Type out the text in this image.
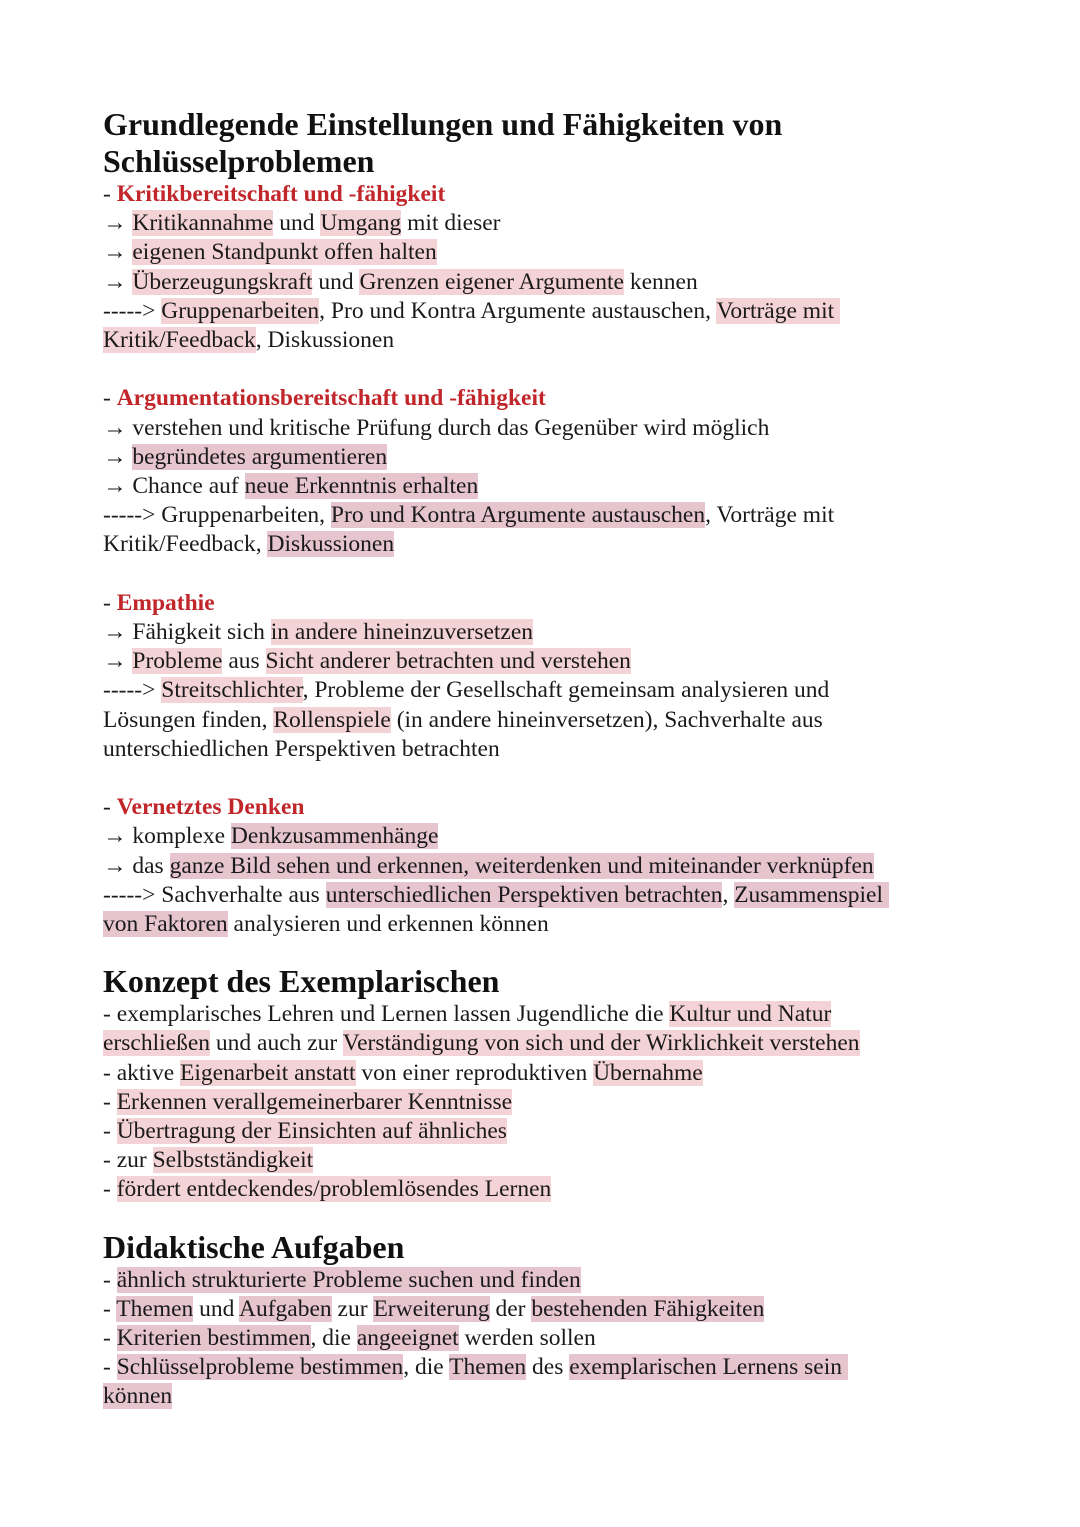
Grundlegende Einstellungen und Fähigkeiten von
Schlüsselproblemen
- Kritikbereitschaft und -fähigkeit
→ Kritikannahme und Umgang mit dieser
→ eigenen Standpunkt offen halten
→ Überzeugungskraft und Grenzen eigener Argumente kennen
-----> Gruppenarbeiten, Pro und Kontra Argumente austauschen, Vorträge mit
Kritik/Feedback, Diskussionen
- Argumentationsbereitschaft und -fähigkeit
→ verstehen und kritische Prüfung durch das Gegenüber wird möglich
→ begründetes argumentieren
→ Chance auf neue Erkenntnis erhalten
-----> Gruppenarbeiten, Pro und Kontra Argumente austauschen, Vorträge mit
Kritik/Feedback, Diskussionen
- Empathie
→ Fähigkeit sich in andere hineinzuversetzen
→ Probleme aus Sicht anderer betrachten und verstehen
-----> Streitschlichter, Probleme der Gesellschaft gemeinsam analysieren und
Lösungen finden, Rollenspiele (in andere hineinversetzen), Sachverhalte aus
unterschiedlichen Perspektiven betrachten
- Vernetztes Denken
→ komplexe Denkzusammenhänge
→ das ganze Bild sehen und erkennen, weiterdenken und miteinander verknüpfen
-----> Sachverhalte aus unterschiedlichen Perspektiven betrachten, Zusammenspiel
von Faktoren analysieren und erkennen können
Konzept des Exemplarischen
- exemplarisches Lehren und Lernen lassen Jugendliche die Kultur und Natur
erschließen und auch zur Verständigung von sich und der Wirklichkeit verstehen
- aktive Eigenarbeit anstatt von einer reproduktiven Übernahme
- Erkennen verallgemeinerbarer Kenntnisse
- Übertragung der Einsichten auf ähnliches
- zur Selbstständigkeit
- fördert entdeckendes/problemlösendes Lernen
Didaktische Aufgaben
- ähnlich strukturierte Probleme suchen und finden
- Themen und Aufgaben zur Erweiterung der bestehenden Fähigkeiten
- Kriterien bestimmen, die angeeignet werden sollen
- Schlüsselprobleme bestimmen, die Themen des exemplarischen Lernens sein
können
